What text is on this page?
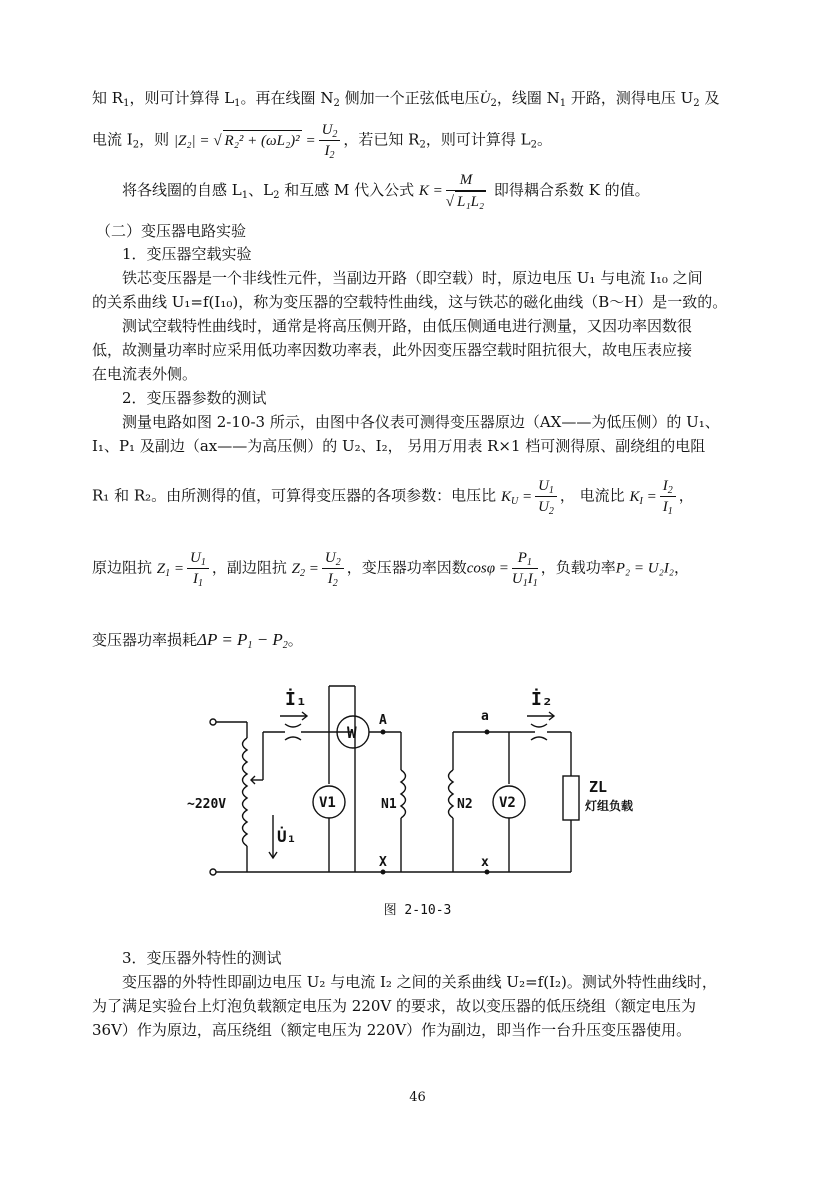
知 $R_1$，则可计算得 $L_1$。再在线圈 $N_2$ 侧加一个正弦低电压$U̇_2$，线圈 $N_1$ 开路，测得电压 $U_2$ 及
电流 $I_2$，则 |Z₂| = √ $R_2^2 + (\omega L_2)^2 = \frac{U_2}{I_2}$ ，若已知 $R_2$，则可计算得 $L_2$。
将各线圈的自感 $L_1$、$L_2$ 和互感 M 代入公式 $K = \frac{M}{\text{√ L₁L₂}}$ 即得耦合系数 K 的值。
（二）变压器电路实验
1．变压器空载实验
铁芯变压器是一个非线性元件，当副边开路（即空载）时，原边电压 U₁ 与电流 I₁₀ 之间
的关系曲线 U₁=f(I₁₀)，称为变压器的空载特性曲线，这与铁芯的磁化曲线（B～H）是一致的。
测试空载特性曲线时，通常是将高压侧开路，由低压侧通电进行测量，又因功率因数很
低，故测量功率时应采用低功率因数功率表，此外因变压器空载时阻抗很大，故电压表应接
在电流表外侧。
2．变压器参数的测试
测量电路如图 2-10-3 所示，由图中各仪表可测得变压器原边（AX——为低压侧）的 U₁、
I₁、P₁ 及副边（ax——为高压侧）的 U₂、I₂， 另用万用表 R×1 档可测得原、副绕组的电阻
R₁ 和 R₂。由所测得的值，可算得变压器的各项参数：电压比 $K_U = \frac{U_1}{U_2}$ ， 电流比 $K_I = \frac{I_2}{I_1}$ ，
原边阻抗 $Z_1 = \frac{U_1}{I_1}$ ，副边阻抗 $Z_2 = \frac{U_2}{I_2}$ ，变压器功率因数$\cos\varphi = \frac{P_1}{U_1I_1}$ ，负载功率P₂ = U₂I₂，
变压器功率损耗$\Delta P = P_1 - P_2$。
İ₁	İ₂
~220V
U̇₁
W
V1	V2
N1	N2
A
X
a
x
ZL
灯组负载
图 2-10-3
3．变压器外特性的测试
变压器的外特性即副边电压 U₂ 与电流 I₂ 之间的关系曲线 U₂=f(I₂)。测试外特性曲线时，
为了满足实验台上灯泡负载额定电压为 220V 的要求，故以变压器的低压绕组（额定电压为
36V）作为原边，高压绕组（额定电压为 220V）作为副边，即当作一台升压变压器使用。
46
